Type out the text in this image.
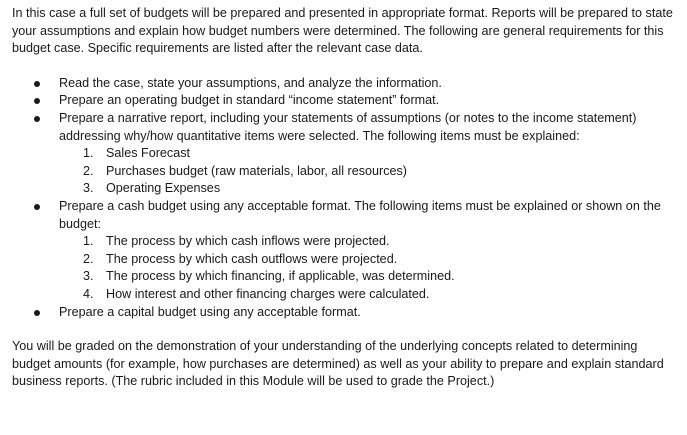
In this case a full set of budgets will be prepared and presented in appropriate format. Reports will be prepared to state your assumptions and explain how budget numbers were determined. The following are general requirements for this budget case. Specific requirements are listed after the relevant case data.

Read the case, state your assumptions, and analyze the information.
Prepare an operating budget in standard “income statement” format.
Prepare a narrative report, including your statements of assumptions (or notes to the income statement) addressing why/how quantitative items were selected. The following items must be explained:
1. Sales Forecast
2. Purchases budget (raw materials, labor, all resources)
3. Operating Expenses
Prepare a cash budget using any acceptable format. The following items must be explained or shown on the budget:
1. The process by which cash inflows were projected.
2. The process by which cash outflows were projected.
3. The process by which financing, if applicable, was determined.
4. How interest and other financing charges were calculated.
Prepare a capital budget using any acceptable format.

You will be graded on the demonstration of your understanding of the underlying concepts related to determining budget amounts (for example, how purchases are determined) as well as your ability to prepare and explain standard business reports. (The rubric included in this Module will be used to grade the Project.)
